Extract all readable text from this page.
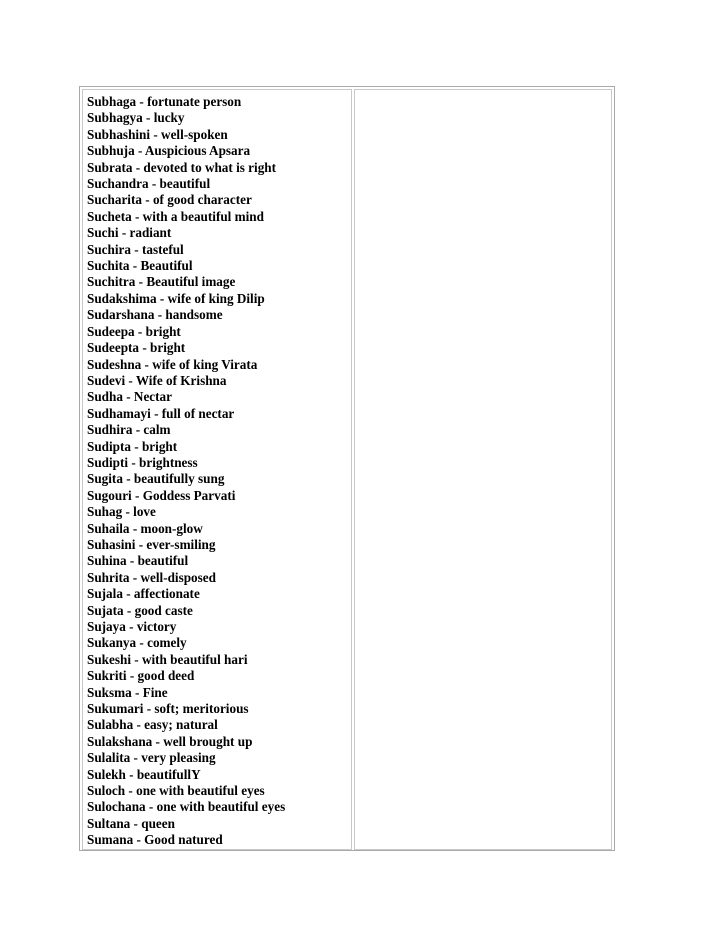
Subhaga - fortunate person
Subhagya - lucky
Subhashini - well-spoken
Subhuja - Auspicious Apsara
Subrata - devoted to what is right
Suchandra - beautiful
Sucharita - of good character
Sucheta - with a beautiful mind
Suchi - radiant
Suchira - tasteful
Suchita - Beautiful
Suchitra - Beautiful image
Sudakshima - wife of king Dilip
Sudarshana - handsome
Sudeepa - bright
Sudeepta - bright
Sudeshna - wife of king Virata
Sudevi - Wife of Krishna
Sudha - Nectar
Sudhamayi - full of nectar
Sudhira - calm
Sudipta - bright
Sudipti - brightness
Sugita - beautifully sung
Sugouri - Goddess Parvati
Suhag - love
Suhaila - moon-glow
Suhasini - ever-smiling
Suhina - beautiful
Suhrita - well-disposed
Sujala - affectionate
Sujata - good caste
Sujaya - victory
Sukanya - comely
Sukeshi - with beautiful hari
Sukriti - good deed
Suksma - Fine
Sukumari - soft; meritorious
Sulabha - easy; natural
Sulakshana - well brought up
Sulalita - very pleasing
Sulekh - beautifullY
Suloch - one with beautiful eyes
Sulochana - one with beautiful eyes
Sultana - queen
Sumana - Good natured
